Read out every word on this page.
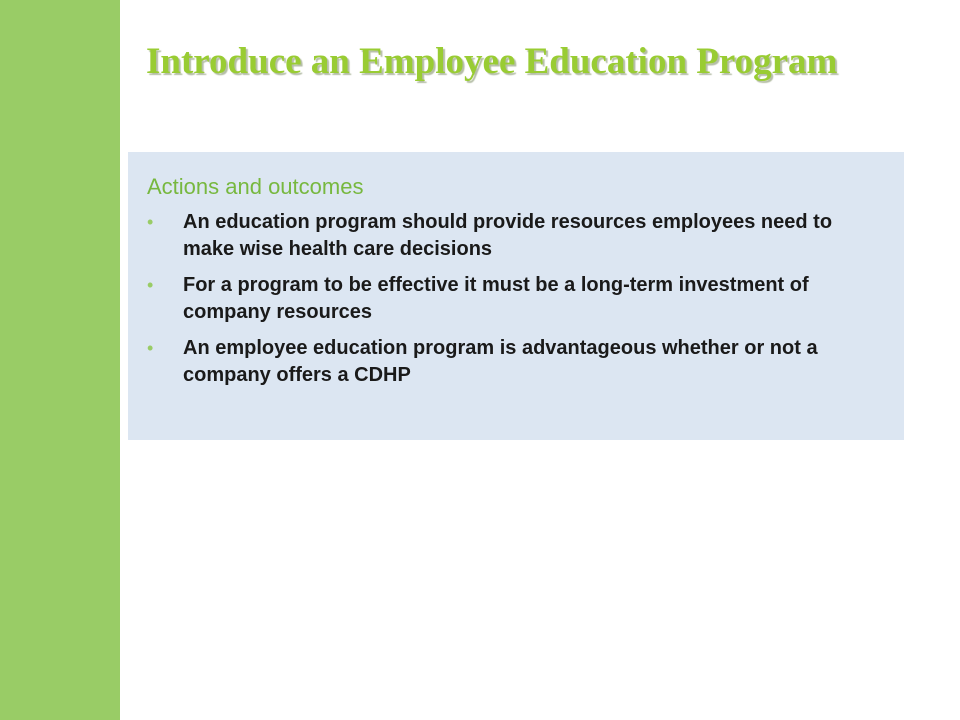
Introduce an Employee Education Program
Actions and outcomes
• An education program should provide resources employees need to make wise health care decisions
• For a program to be effective it must be a long-term investment of company resources
• An employee education program is advantageous whether or not a company offers a CDHP
